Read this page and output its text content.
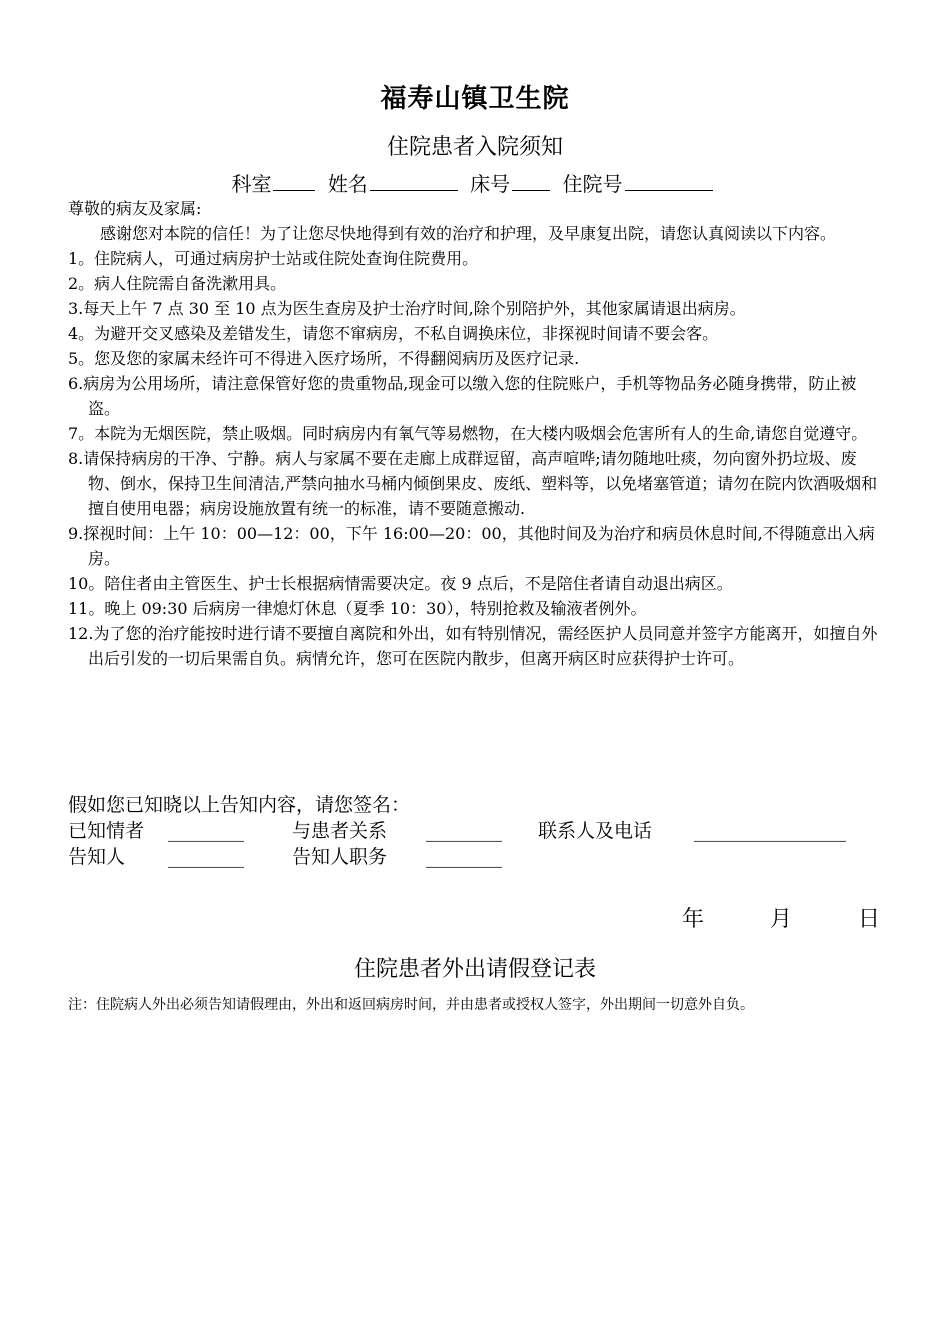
福寿山镇卫生院
住院患者入院须知
科室	姓名	床号	住院号

尊敬的病友及家属:

感谢您对本院的信任！为了让您尽快地得到有效的治疗和护理，及早康复出院，请您认真阅读以下内容。

1。住院病人，可通过病房护士站或住院处查询住院费用。

2。病人住院需自备洗漱用具。

3.每天上午 7 点 30 至 10 点为医生查房及护士治疗时间,除个别陪护外，其他家属请退出病房。

4。为避开交叉感染及差错发生，请您不窜病房，不私自调换床位，非探视时间请不要会客。

5。您及您的家属未经许可不得进入医疗场所，不得翻阅病历及医疗记录.

6.病房为公用场所，请注意保管好您的贵重物品,现金可以缴入您的住院账户，手机等物品务必随身携带，防止被盗。

7。本院为无烟医院，禁止吸烟。同时病房内有氧气等易燃物，在大楼内吸烟会危害所有人的生命,请您自觉遵守。

8.请保持病房的干净、宁静。病人与家属不要在走廊上成群逗留，高声喧哗;请勿随地吐痰，勿向窗外扔垃圾、废物、倒水，保持卫生间清洁,严禁向抽水马桶内倾倒果皮、废纸、塑料等，以免堵塞管道；请勿在院内饮酒吸烟和擅自使用电器；病房设施放置有统一的标准，请不要随意搬动.

9.探视时间：上午 10：00—12：00，下午 16:00—20：00，其他时间及为治疗和病员休息时间,不得随意出入病房。

10。陪住者由主管医生、护士长根据病情需要决定。夜 9 点后，不是陪住者请自动退出病区。

11。晚上 09:30 后病房一律熄灯休息（夏季 10：30），特别抢救及输液者例外。

12.为了您的治疗能按时进行请不要擅自离院和外出，如有特别情况，需经医护人员同意并签字方能离开，如擅自外出后引发的一切后果需自负。病情允许，您可在医院内散步，但离开病区时应获得护士许可。

假如您已知晓以上告知内容，请您签名：
已知情者 ________	与患者关系 ________ 联系人及电话 ________________
告知人 ________	告知人职务 ________
年	月	日
住院患者外出请假登记表
注：住院病人外出必须告知请假理由，外出和返回病房时间，并由患者或授权人签字，外出期间一切意外自负。
